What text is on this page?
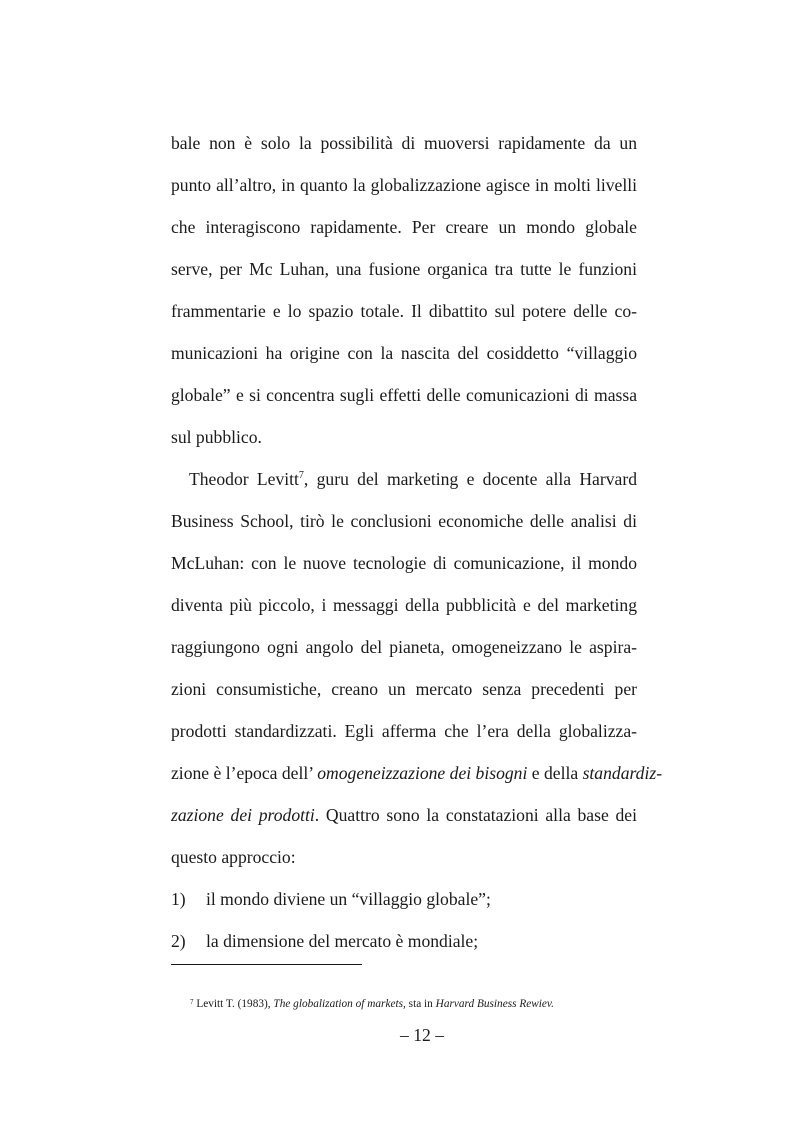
bale non è solo la possibilità di muoversi rapidamente da un
punto all’altro, in quanto la globalizzazione agisce in molti livelli
che interagiscono rapidamente. Per creare un mondo globale
serve, per Mc Luhan, una fusione organica tra tutte le funzioni
frammentarie e lo spazio totale. Il dibattito sul potere delle co-
municazioni ha origine con la nascita del cosiddetto “villaggio
globale” e si concentra sugli effetti delle comunicazioni di massa
sul pubblico.
Theodor Levitt$^7$, guru del marketing e docente alla Harvard
Business School, tirò le conclusioni economiche delle analisi di
McLuhan: con le nuove tecnologie di comunicazione, il mondo
diventa più piccolo, i messaggi della pubblicità e del marketing
raggiungono ogni angolo del pianeta, omogeneizzano le aspira-
zioni consumistiche, creano un mercato senza precedenti per
prodotti standardizzati. Egli afferma che l’era della globalizza-
zione è l’epoca dell’ omogeneizzazione dei bisogni e della standardiz-
zazione dei prodotti. Quattro sono la constatazioni alla base dei
questo approccio:
1) il mondo diviene un “villaggio globale”;
2) la dimensione del mercato è mondiale;
$^7$ Levitt T. (1983), The globalization of markets, sta in Harvard Business Rewiev.
– 12 –
